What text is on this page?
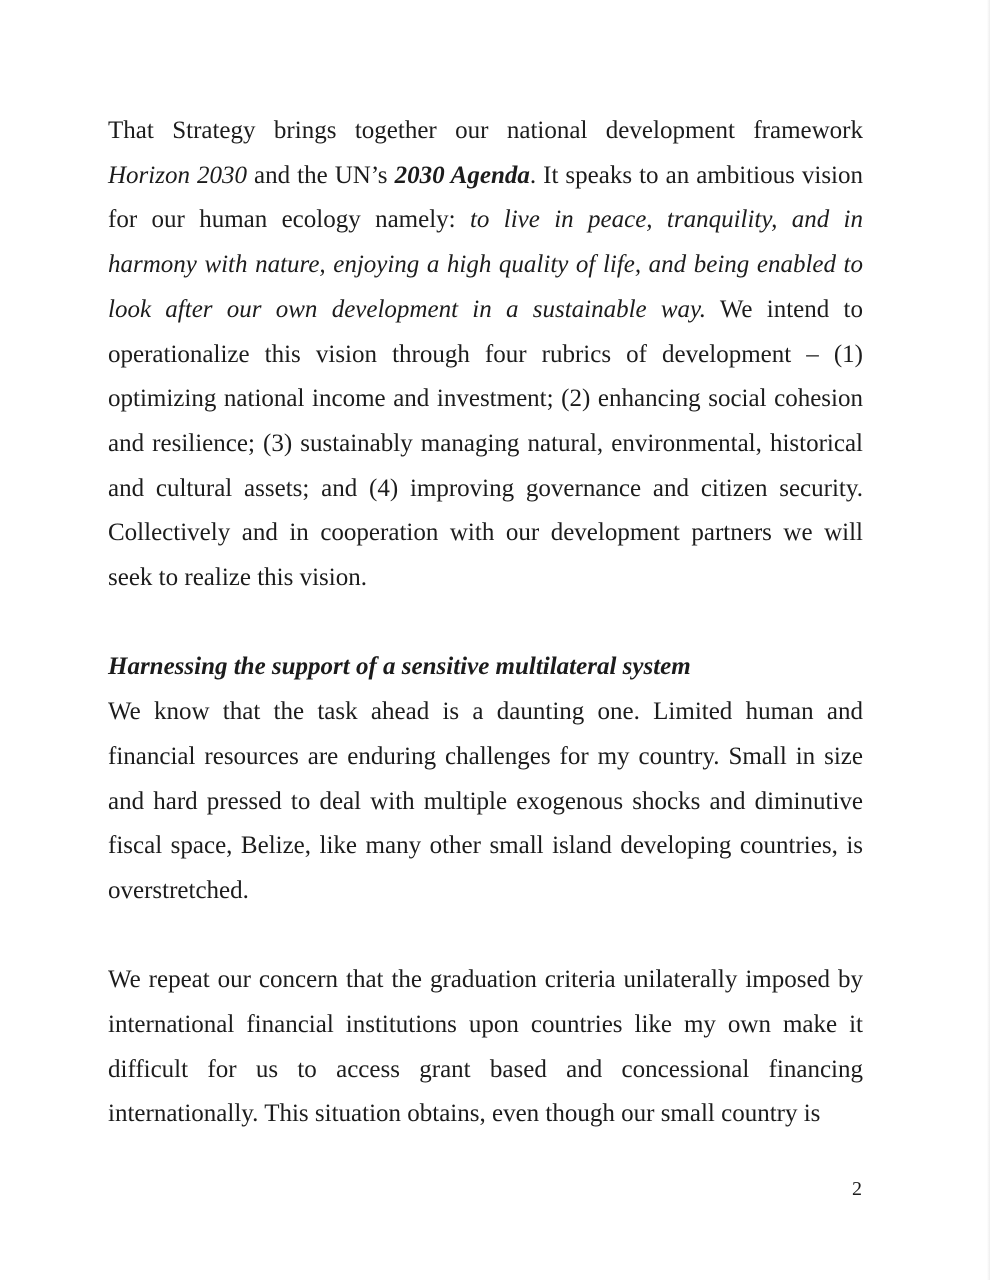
That Strategy brings together our national development framework Horizon 2030 and the UN’s 2030 Agenda. It speaks to an ambitious vision for our human ecology namely: to live in peace, tranquility, and in harmony with nature, enjoying a high quality of life, and being enabled to look after our own development in a sustainable way. We intend to operationalize this vision through four rubrics of development – (1) optimizing national income and investment; (2) enhancing social cohesion and resilience; (3) sustainably managing natural, environmental, historical and cultural assets; and (4) improving governance and citizen security. Collectively and in cooperation with our development partners we will seek to realize this vision.

Harnessing the support of a sensitive multilateral system

We know that the task ahead is a daunting one. Limited human and financial resources are enduring challenges for my country. Small in size and hard pressed to deal with multiple exogenous shocks and diminutive fiscal space, Belize, like many other small island developing countries, is overstretched.

We repeat our concern that the graduation criteria unilaterally imposed by international financial institutions upon countries like my own make it difficult for us to access grant based and concessional financing internationally. This situation obtains, even though our small country is

2
